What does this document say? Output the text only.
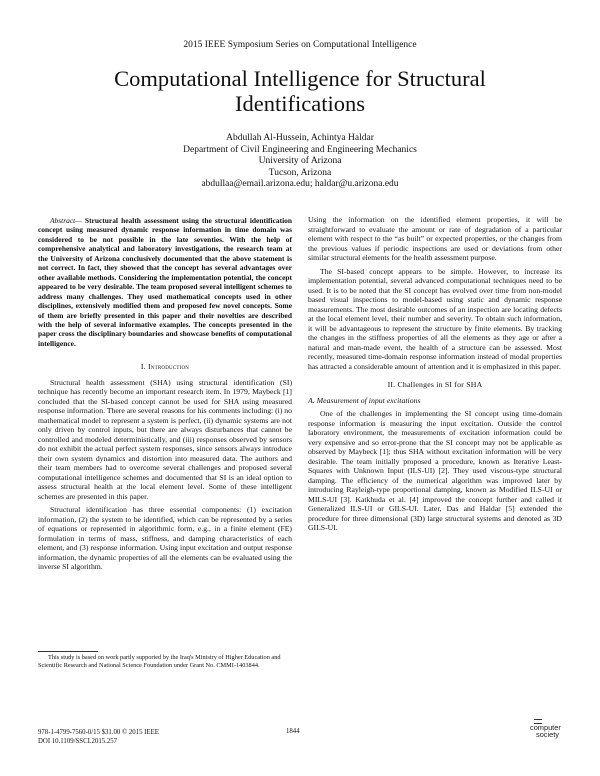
2015 IEEE Symposium Series on Computational Intelligence
Computational Intelligence for Structural Identifications
Abdullah Al-Hussein, Achintya Haldar
Department of Civil Engineering and Engineering Mechanics
University of Arizona
Tucson, Arizona
abdullaa@email.arizona.edu; haldar@u.arizona.edu

Abstract— Structural health assessment using the structural identification concept using measured dynamic response information in time domain was considered to be not possible in the late seventies. With the help of comprehensive analytical and laboratory investigations, the research team at the University of Arizona conclusively documented that the above statement is not correct. In fact, they showed that the concept has several advantages over other available methods. Considering the implementation potential, the concept appeared to be very desirable. The team proposed several intelligent schemes to address many challenges. They used mathematical concepts used in other disciplines, extensively modified them and proposed few novel concepts. Some of them are briefly presented in this paper and their novelties are described with the help of several informative examples. The concepts presented in the paper cross the disciplinary boundaries and showcase benefits of computational intelligence.

I. Introduction

Structural health assessment (SHA) using structural identification (SI) technique has recently become an important research item. In 1979, Maybeck [1] concluded that the SI-based concept cannot be used for SHA using measured response information. There are several reasons for his comments including: (i) no mathematical model to represent a system is perfect, (ii) dynamic systems are not only driven by control inputs, but there are always disturbances that cannot be controlled and modeled deterministically, and (iii) responses observed by sensors do not exhibit the actual perfect system responses, since sensors always introduce their own system dynamics and distortion into measured data. The authors and their team members had to overcome several challenges and proposed several computational intelligence schemes and documented that SI is an ideal option to assess structural health at the local element level. Some of these intelligent schemes are presented in this paper.

Structural identification has three essential components: (1) excitation information, (2) the system to be identified, which can be represented by a series of equations or represented in algorithmic form, e.g., in a finite element (FE) formulation in terms of mass, stiffness, and damping characteristics of each element, and (3) response information. Using input excitation and output response information, the dynamic properties of all the elements can be evaluated using the inverse SI algorithm.

Using the information on the identified element properties, it will be straightforward to evaluate the amount or rate of degradation of a particular element with respect to the “as built” or expected properties, or the changes from the previous values if periodic inspections are used or deviations from other similar structural elements for the health assessment purpose.

The SI-based concept appears to be simple. However, to increase its implementation potential, several advanced computational techniques need to be used. It is to be noted that the SI concept has evolved over time from non-model based visual inspections to model-based using static and dynamic response measurements. The most desirable outcomes of an inspection are locating defects at the local element level, their number and severity. To obtain such information, it will be advantageous to represent the structure by finite elements. By tracking the changes in the stiffness properties of all the elements as they age or after a natural and man-made event, the health of a structure can be assessed. Most recently, measured time-domain response information instead of modal properties has attracted a considerable amount of attention and it is emphasized in this paper.

II. Challenges in SI for SHA
A. Measurement of input excitations

One of the challenges in implementing the SI concept using time-domain response information is measuring the input excitation. Outside the control laboratory environment, the measurements of excitation information could be very expensive and so error-prone that the SI concept may not be applicable as observed by Maybeck [1]; thus SHA without excitation information will be very desirable. The team initially proposed a procedure, known as Iterative Least-Squares with Unknown Input (ILS-UI) [2]. They used viscous-type structural damping. The efficiency of the numerical algorithm was improved later by introducing Rayleigh-type proportional damping, known as Modified ILS-UI or MILS-UI [3]. Katkhuda et al. [4] improved the concept further and called it Generalized ILS-UI or GILS-UI. Later, Das and Haldar [5] extended the procedure for three dimensional (3D) large structural systems and denoted as 3D GILS-UI.

This study is based on work partly supported by the Iraq's Ministry of Higher Education and Scientific Research and National Science Foundation under Grant No. CMMI-1403844.
978-1-4799-7560-0/15 $31.00 © 2015 IEEE
DOI 10.1109/SSCI.2015.257
1844	computer
society
